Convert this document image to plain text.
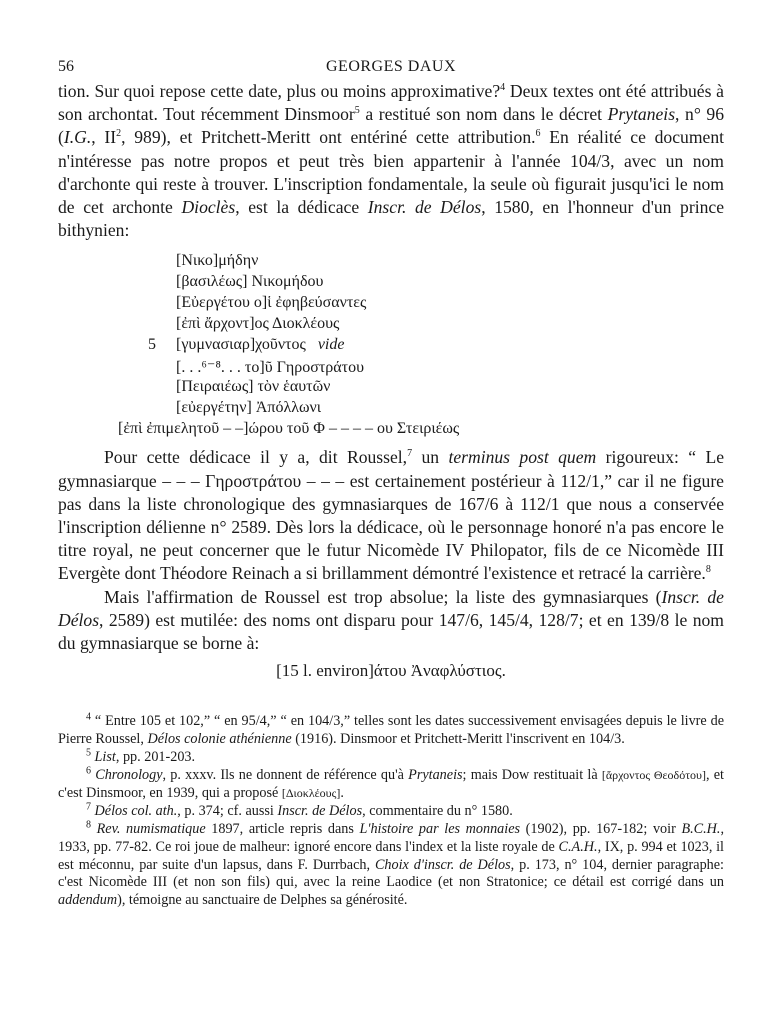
56	GEORGES DAUX

tion. Sur quoi repose cette date, plus ou moins approximative?$^4$ Deux textes ont été attribués à son archontat. Tout récemment Dinsmoor$^5$ a restitué son nom dans le décret Prytaneis, n° 96 (I.G., $II^2$, 989), et Pritchett-Meritt ont entériné cette attribution.$^6$ En réalité ce document n'intéresse pas notre propos et peut très bien appartenir à l'année 104/3, avec un nom d'archonte qui reste à trouver. L'inscription fondamentale, la seule où figurait jusqu'ici le nom de cet archonte Dioclès, est la dédicace Inscr. de Délos, 1580, en l'honneur d'un prince bithynien:

[Νικο]μήδην
[βασιλέως] Νικομήδου
[Εὐεργέτου ο]ἱ ἐφηβεύσαντες
[ἐπὶ ἄρχοντ]ος Διοκλέους
5 [γυμνασιαρ]χοῦντος vide
[. . .⁶⁻⁸. . . το]ῦ Γηροστράτου
[Πειραιέως] τὸν ἑαυτῶν
[εὐεργέτην] Ἀπόλλωνι
[ἐπὶ ἐπιμελητοῦ – –]ώρου τοῦ Φ – – – – ου Στειριέως

Pour cette dédicace il y a, dit Roussel,$^7$ un terminus post quem rigoureux: “ Le gymnasiarque – – – Γηροστράτου – – – est certainement postérieur à 112/1,” car il ne figure pas dans la liste chronologique des gymnasiarques de 167/6 à 112/1 que nous a conservée l'inscription délienne n° 2589. Dès lors la dédicace, où le personnage honoré n'a pas encore le titre royal, ne peut concerner que le futur Nicomède IV Philopator, fils de ce Nicomède III Evergète dont Théodore Reinach a si brillamment démontré l'existence et retracé la carrière.$^8$

Mais l'affirmation de Roussel est trop absolue; la liste des gymnasiarques (Inscr. de Délos, 2589) est mutilée: des noms ont disparu pour 147/6, 145/4, 128/7; et en 139/8 le nom du gymnasiarque se borne à:

[15 l. environ]άτου Ἀναφλύστιος.

$^4$ “ Entre 105 et 102,” “ en 95/4,” “ en 104/3,” telles sont les dates successivement envisagées depuis le livre de Pierre Roussel, Délos colonie athénienne (1916). Dinsmoor et Pritchett-Meritt l'inscrivent en 104/3.

$^5$ List, pp. 201-203.

$^6$ Chronology, p. xxxv. Ils ne donnent de référence qu'à Prytaneis; mais Dow restituait là [ἄρχοντος Θεοδότου], et c'est Dinsmoor, en 1939, qui a proposé [Διοκλέους].

$^7$ Délos col. ath., p. 374; cf. aussi Inscr. de Délos, commentaire du n° 1580.

$^8$ Rev. numismatique 1897, article repris dans L'histoire par les monnaies (1902), pp. 167-182; voir B.C.H., 1933, pp. 77-82. Ce roi joue de malheur: ignoré encore dans l'index et la liste royale de C.A.H., IX, p. 994 et 1023, il est méconnu, par suite d'un lapsus, dans F. Durrbach, Choix d'inscr. de Délos, p. 173, n° 104, dernier paragraphe: c'est Nicomède III (et non son fils) qui, avec la reine Laodice (et non Stratonice; ce détail est corrigé dans un addendum), témoigne au sanctuaire de Delphes sa générosité.
